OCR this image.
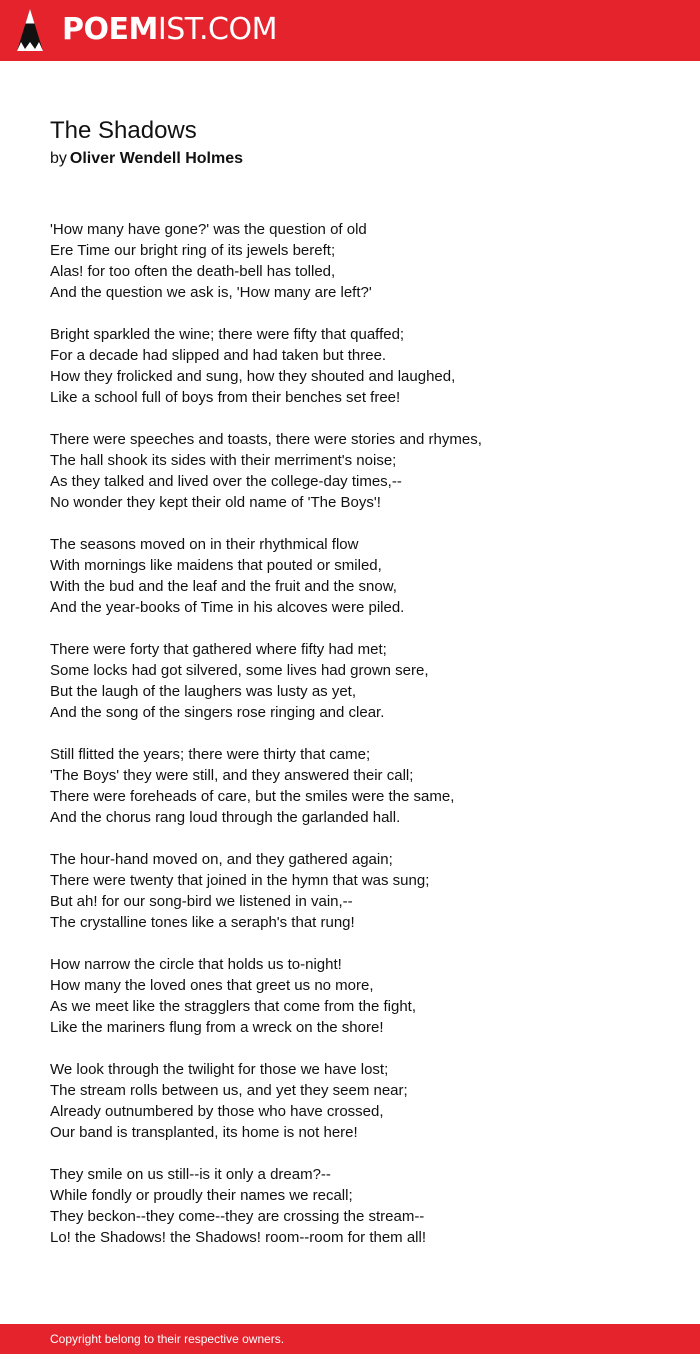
POEMIST.COM
The Shadows
by Oliver Wendell Holmes
'How many have gone?' was the question of old
Ere Time our bright ring of its jewels bereft;
Alas! for too often the death-bell has tolled,
And the question we ask is, 'How many are left?'
Bright sparkled the wine; there were fifty that quaffed;
For a decade had slipped and had taken but three.
How they frolicked and sung, how they shouted and laughed,
Like a school full of boys from their benches set free!
There were speeches and toasts, there were stories and rhymes,
The hall shook its sides with their merriment's noise;
As they talked and lived over the college-day times,--
No wonder they kept their old name of 'The Boys'!
The seasons moved on in their rhythmical flow
With mornings like maidens that pouted or smiled,
With the bud and the leaf and the fruit and the snow,
And the year-books of Time in his alcoves were piled.
There were forty that gathered where fifty had met;
Some locks had got silvered, some lives had grown sere,
But the laugh of the laughers was lusty as yet,
And the song of the singers rose ringing and clear.
Still flitted the years; there were thirty that came;
'The Boys' they were still, and they answered their call;
There were foreheads of care, but the smiles were the same,
And the chorus rang loud through the garlanded hall.
The hour-hand moved on, and they gathered again;
There were twenty that joined in the hymn that was sung;
But ah! for our song-bird we listened in vain,--
The crystalline tones like a seraph's that rung!
How narrow the circle that holds us to-night!
How many the loved ones that greet us no more,
As we meet like the stragglers that come from the fight,
Like the mariners flung from a wreck on the shore!
We look through the twilight for those we have lost;
The stream rolls between us, and yet they seem near;
Already outnumbered by those who have crossed,
Our band is transplanted, its home is not here!
They smile on us still--is it only a dream?--
While fondly or proudly their names we recall;
They beckon--they come--they are crossing the stream--
Lo! the Shadows! the Shadows! room--room for them all!
Copyright belong to their respective owners.
